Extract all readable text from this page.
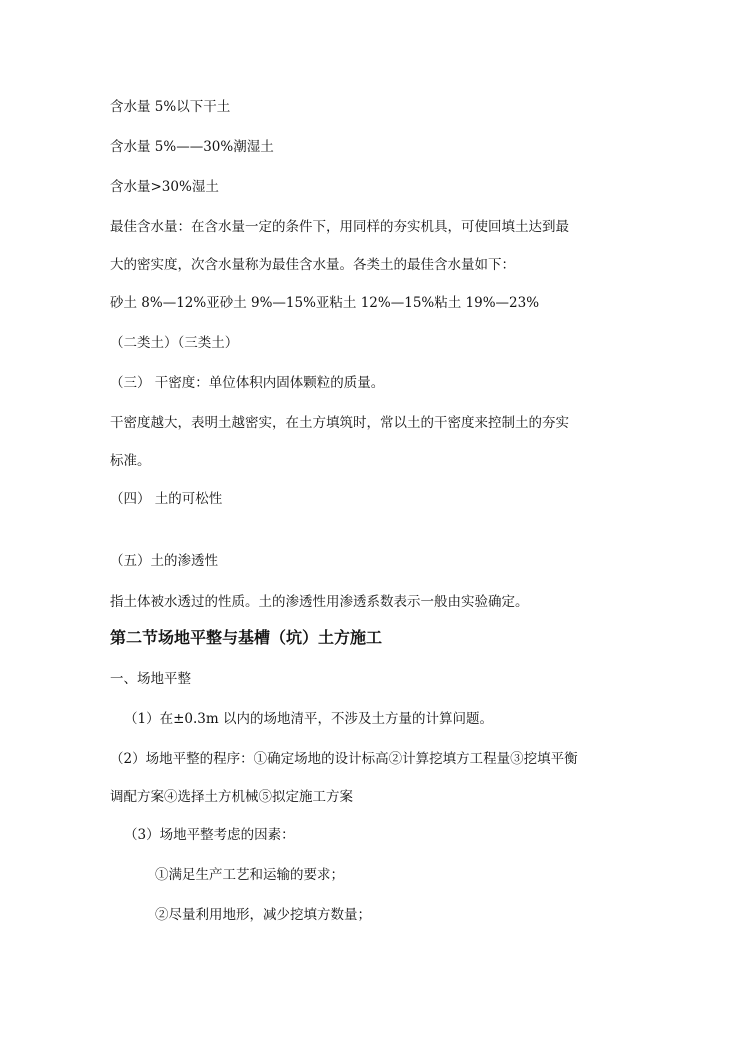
含水量 5%以下干土
含水量 5%——30%潮湿土
含水量>30%湿土
最佳含水量：在含水量一定的条件下，用同样的夯实机具，可使回填土达到最
大的密实度，次含水量称为最佳含水量。各类土的最佳含水量如下：
砂土 8%—12%亚砂土 9%—15%亚粘土 12%—15%粘土 19%—23%
（二类土）（三类土）
（三） 干密度：单位体积内固体颗粒的质量。
干密度越大，表明土越密实，在土方填筑时，常以土的干密度来控制土的夯实
标准。
（四） 土的可松性
（五）土的渗透性
指土体被水透过的性质。土的渗透性用渗透系数表示一般由实验确定。
第二节场地平整与基槽（坑）土方施工
一、场地平整
（1）在±0.3m 以内的场地清平，不涉及土方量的计算问题。
（2）场地平整的程序：①确定场地的设计标高②计算挖填方工程量③挖填平衡
调配方案④选择土方机械⑤拟定施工方案
（3）场地平整考虑的因素：
①满足生产工艺和运输的要求；
②尽量利用地形，减少挖填方数量；
